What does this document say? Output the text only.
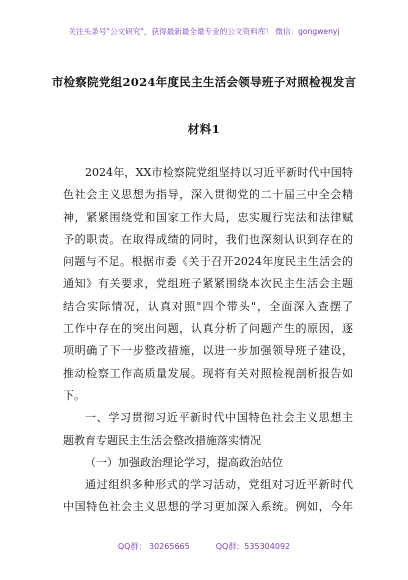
关注头条号"公文研究"，获得最新最全最专业的公文资料库！ 微信：gongwenyj
市检察院党组2024年度民主生活会领导班子对照检视发言
材料1
2024年，XX市检察院党组坚持以习近平新时代中国特
色社会主义思想为指导，深入贯彻党的二十届三中全会精
神，紧紧围绕党和国家工作大局，忠实履行宪法和法律赋
予的职责。在取得成绩的同时，我们也深刻认识到存在的
问题与不足。根据市委《关于召开2024年度民主生活会的
通知》有关要求，党组班子紧紧围绕本次民主生活会主题
结合实际情况，认真对照"四个带头"，全面深入查摆了
工作中存在的突出问题，认真分析了问题产生的原因，逐
项明确了下一步整改措施，以进一步加强领导班子建设，
推动检察工作高质量发展。现将有关对照检视剖析报告如
下。
一、学习贯彻习近平新时代中国特色社会主义思想主
题教育专题民主生活会整改措施落实情况
（一）加强政治理论学习，提高政治站位
通过组织多种形式的学习活动，党组对习近平新时代
中国特色社会主义思想的学习更加深入系统。例如，今年
QQ群： 30265665	QQ群：535304092
